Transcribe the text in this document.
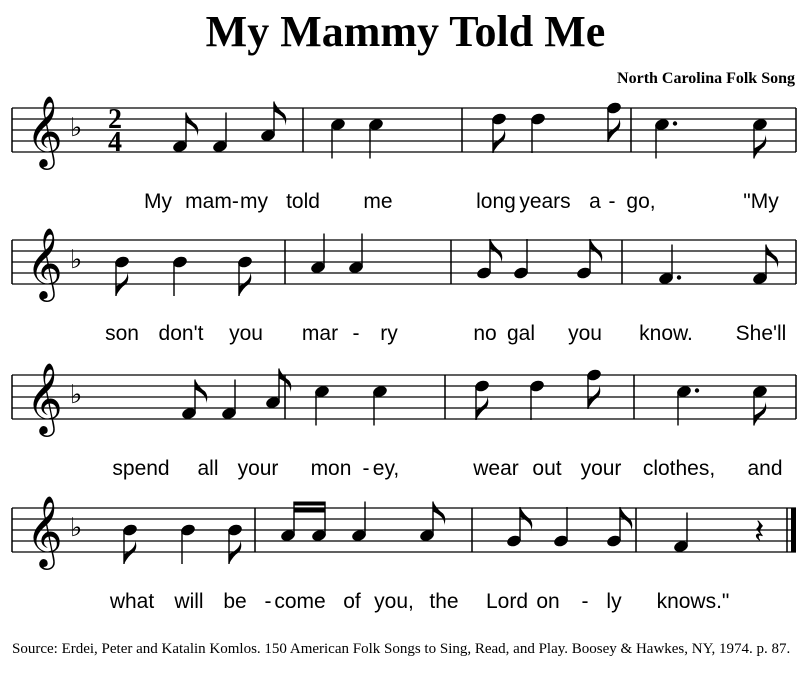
My Mammy Told Me
North Carolina Folk Song
𝄞 ♭ 2
4
My mam- my told me	long years a - go,	"My
𝄞 ♭
son don't you mar - ry	no gal you know. She'll
𝄞 ♭
spend all your mon - ey,	wear out your clothes, and
𝄞 ♭	𝄽
what will be - come of you, the Lord on - ly knows."
Source: Erdei, Peter and Katalin Komlos. 150 American Folk Songs to Sing, Read, and Play. Boosey & Hawkes, NY, 1974. p. 87.
